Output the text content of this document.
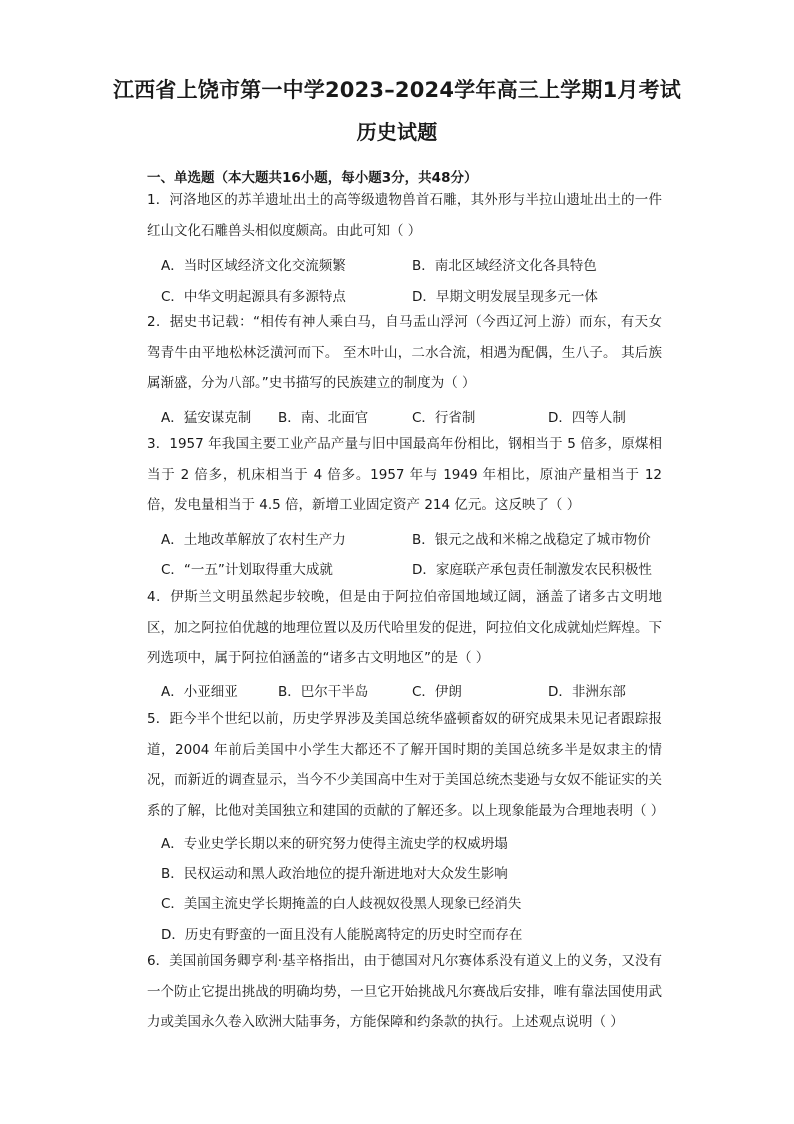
江西省上饶市第一中学2023–2024学年高三上学期1月考试
历史试题
一、单选题（本大题共16小题，每小题3分，共48分）
1．河洛地区的苏羊遗址出土的高等级遗物兽首石雕，其外形与半拉山遗址出土的一件红山文化石雕兽头相似度颇高。由此可知（ ）
A．当时区域经济文化交流频繁	B．南北区域经济文化各具特色
C．中华文明起源具有多源特点	D．早期文明发展呈现多元一体
2．据史书记载：“相传有神人乘白马，自马盂山浮河（今西辽河上游）而东，有天女驾青牛由平地松林泛潢河而下。 至木叶山，二水合流，相遇为配偶，生八子。 其后族属渐盛，分为八部。”史书描写的民族建立的制度为（ ）
A．猛安谋克制 B．南、北面官	C．行省制	D．四等人制
3．1957 年我国主要工业产品产量与旧中国最高年份相比，钢相当于 5 倍多，原煤相当于 2 倍多，机床相当于 4 倍多。1957 年与 1949 年相比，原油产量相当于 12 倍，发电量相当于 4.5 倍，新增工业固定资产 214 亿元。这反映了（ ）
A．土地改革解放了农村生产力	B．银元之战和米棉之战稳定了城市物价
C．“一五”计划取得重大成就	D．家庭联产承包责任制激发农民积极性
4．伊斯兰文明虽然起步较晚，但是由于阿拉伯帝国地域辽阔，涵盖了诸多古文明地区，加之阿拉伯优越的地理位置以及历代哈里发的促进，阿拉伯文化成就灿烂辉煌。下列选项中，属于阿拉伯涵盖的“诸多古文明地区”的是（ ）
A．小亚细亚	B．巴尔干半岛	C．伊朗	D．非洲东部
5．距今半个世纪以前，历史学界涉及美国总统华盛顿畜奴的研究成果未见记者跟踪报道，2004 年前后美国中小学生大都还不了解开国时期的美国总统多半是奴隶主的情况，而新近的调查显示，当今不少美国高中生对于美国总统杰斐逊与女奴不能证实的关系的了解，比他对美国独立和建国的贡献的了解还多。以上现象能最为合理地表明（ ）
A．专业史学长期以来的研究努力使得主流史学的权威坍塌
B．民权运动和黑人政治地位的提升渐进地对大众发生影响
C．美国主流史学长期掩盖的白人歧视奴役黑人现象已经消失
D．历史有野蛮的一面且没有人能脱离特定的历史时空而存在
6．美国前国务卿亨利·基辛格指出，由于德国对凡尔赛体系没有道义上的义务，又没有一个防止它提出挑战的明确均势，一旦它开始挑战凡尔赛战后安排，唯有靠法国使用武力或美国永久卷入欧洲大陆事务，方能保障和约条款的执行。上述观点说明（ ）
